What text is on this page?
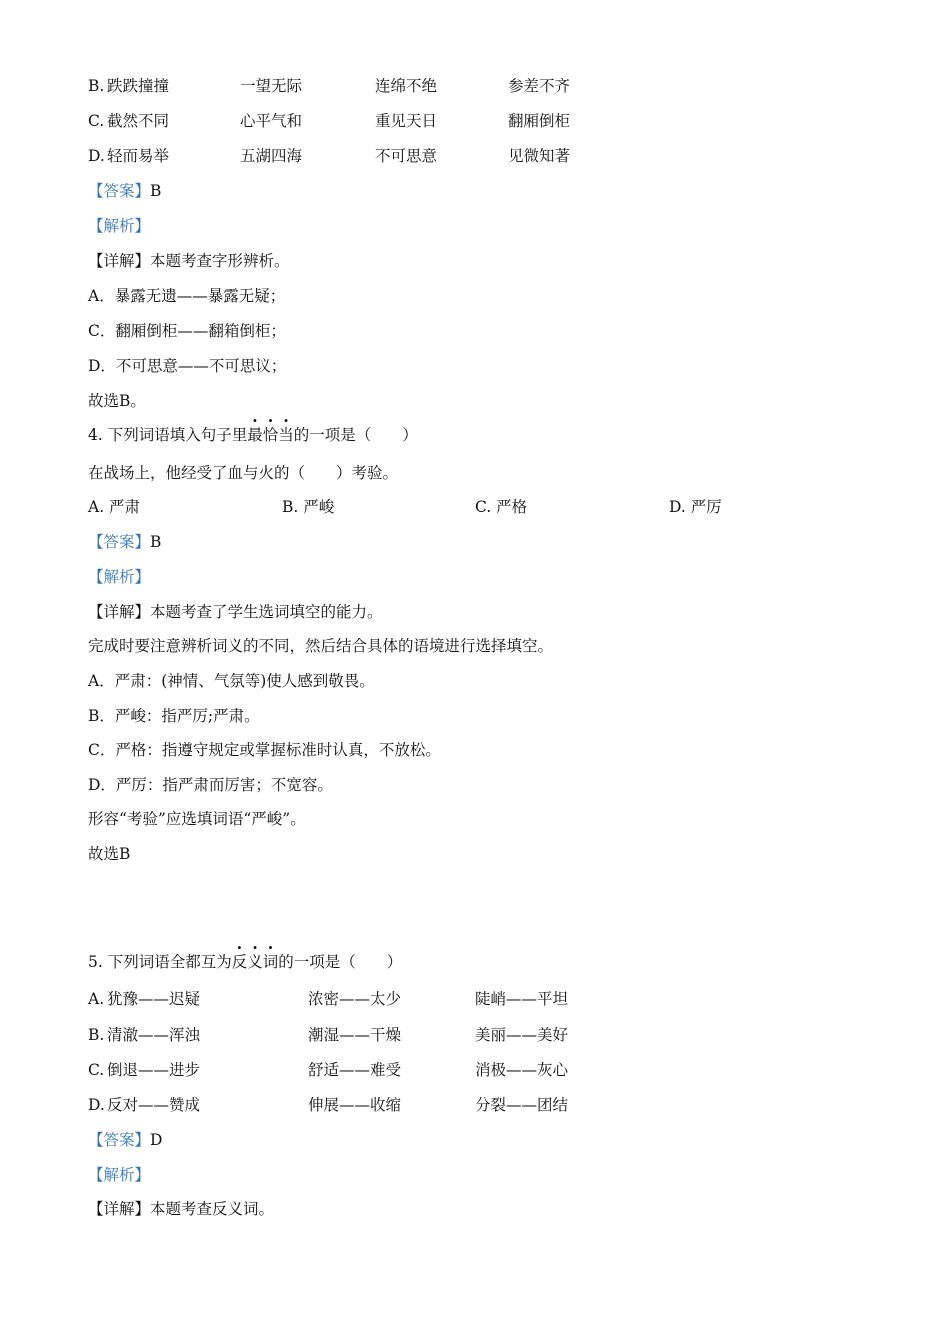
B. 跌跌撞撞	一望无际	连绵不绝	参差不齐
C. 截然不同	心平气和	重见天日	翻厢倒柜
D. 轻而易举	五湖四海	不可思意	见微知著
【答案】B
【解析】
【详解】本题考查字形辨析。
A．暴露无遗——暴露无疑；
C．翻厢倒柜——翻箱倒柜；
D．不可思意——不可思议；
故选B。
4. 下列词语填入句子里最恰当的一项是（　　）
在战场上，他经受了血与火的（　　）考验。
A. 严肃	B. 严峻	C. 严格	D. 严厉
【答案】B
【解析】
【详解】本题考查了学生选词填空的能力。
完成时要注意辨析词义的不同，然后结合具体的语境进行选择填空。
A．严肃：(神情、气氛等)使人感到敬畏。
B．严峻：指严厉;严肃。
C．严格：指遵守规定或掌握标准时认真，不放松。
D．严厉：指严肃而厉害；不宽容。
形容“考验”应选填词语“严峻”。
故选B
5. 下列词语全都互为反义词的一项是（　　）
A. 犹豫——迟疑	浓密——太少	陡峭——平坦
B. 清澈——浑浊	潮湿——干燥	美丽——美好
C. 倒退——进步	舒适——难受	消极——灰心
D. 反对——赞成	伸展——收缩	分裂——团结
【答案】D
【解析】
【详解】本题考查反义词。
